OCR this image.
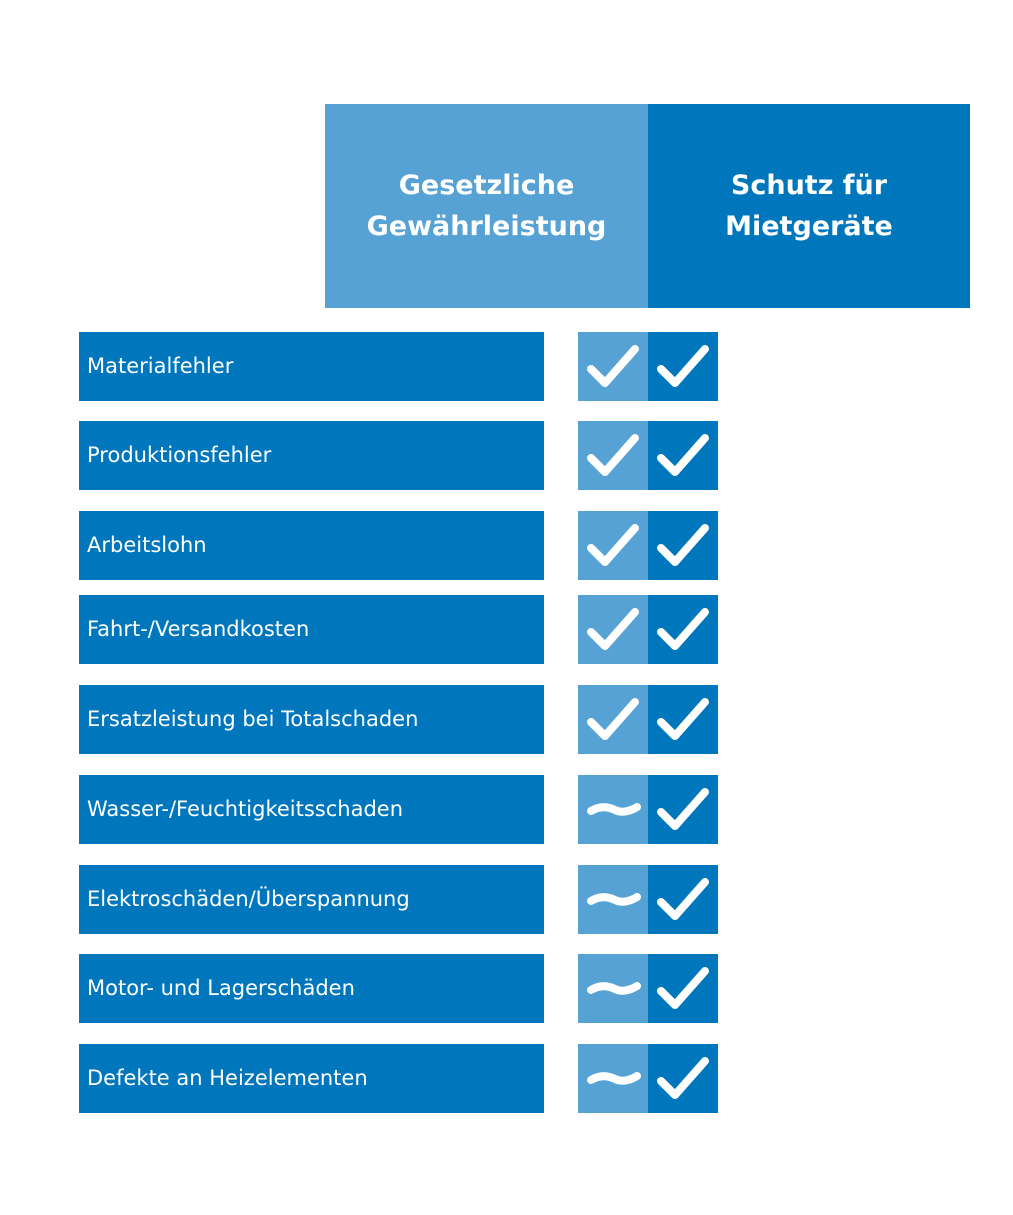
Gesetzliche
Gewährleistung
Schutz für
Mietgeräte
Materialfehler
Produktionsfehler
Arbeitslohn
Fahrt-/Versandkosten
Ersatzleistung bei Totalschaden
Wasser-/Feuchtigkeitsschaden
Elektroschäden/Überspannung
Motor- und Lagerschäden
Defekte an Heizelementen
